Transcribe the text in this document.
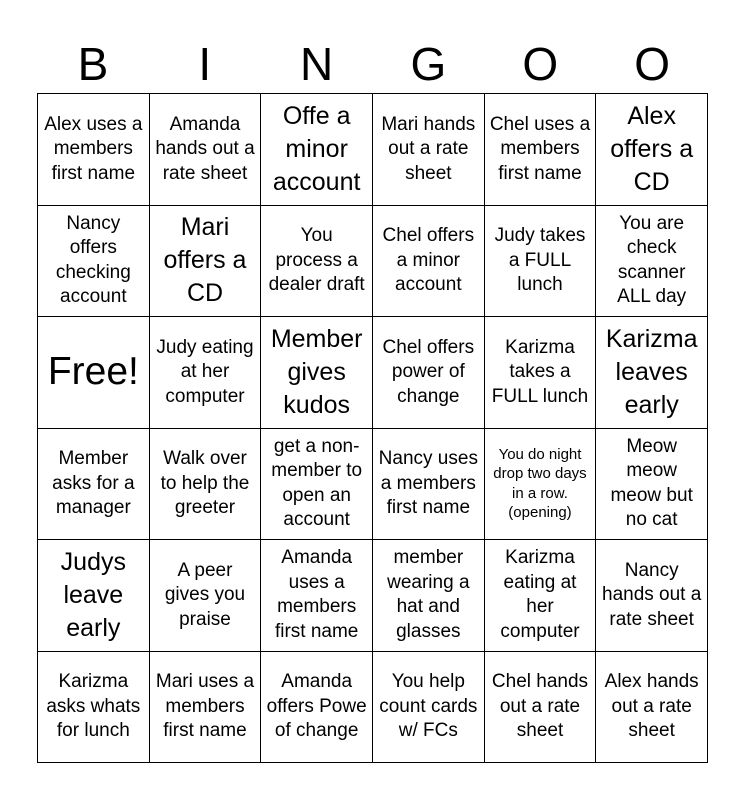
B	I	N	G	O	O
Alex uses a members first name
Amanda hands out a rate sheet
Offe a minor account
Mari hands out a rate sheet
Chel uses a members first name
Alex offers a CD
Nancy offers checking account
Mari offers a CD
You process a dealer draft
Chel offers a minor account
Judy takes a FULL lunch
You are check scanner ALL day
Free!
Judy eating at her computer
Member gives kudos
Chel offers power of change
Karizma takes a FULL lunch
Karizma leaves early
Member asks for a manager
Walk over to help the greeter
get a non-member to open an account
Nancy uses a members first name
You do night drop two days in a row. (opening)
Meow meow meow but no cat
Judys leave early
A peer gives you praise
Amanda uses a members first name
member wearing a hat and glasses
Karizma eating at her computer
Nancy hands out a rate sheet
Karizma asks whats for lunch
Mari uses a members first name
Amanda offers Powe of change
You help count cards w/ FCs
Chel hands out a rate sheet
Alex hands out a rate sheet
